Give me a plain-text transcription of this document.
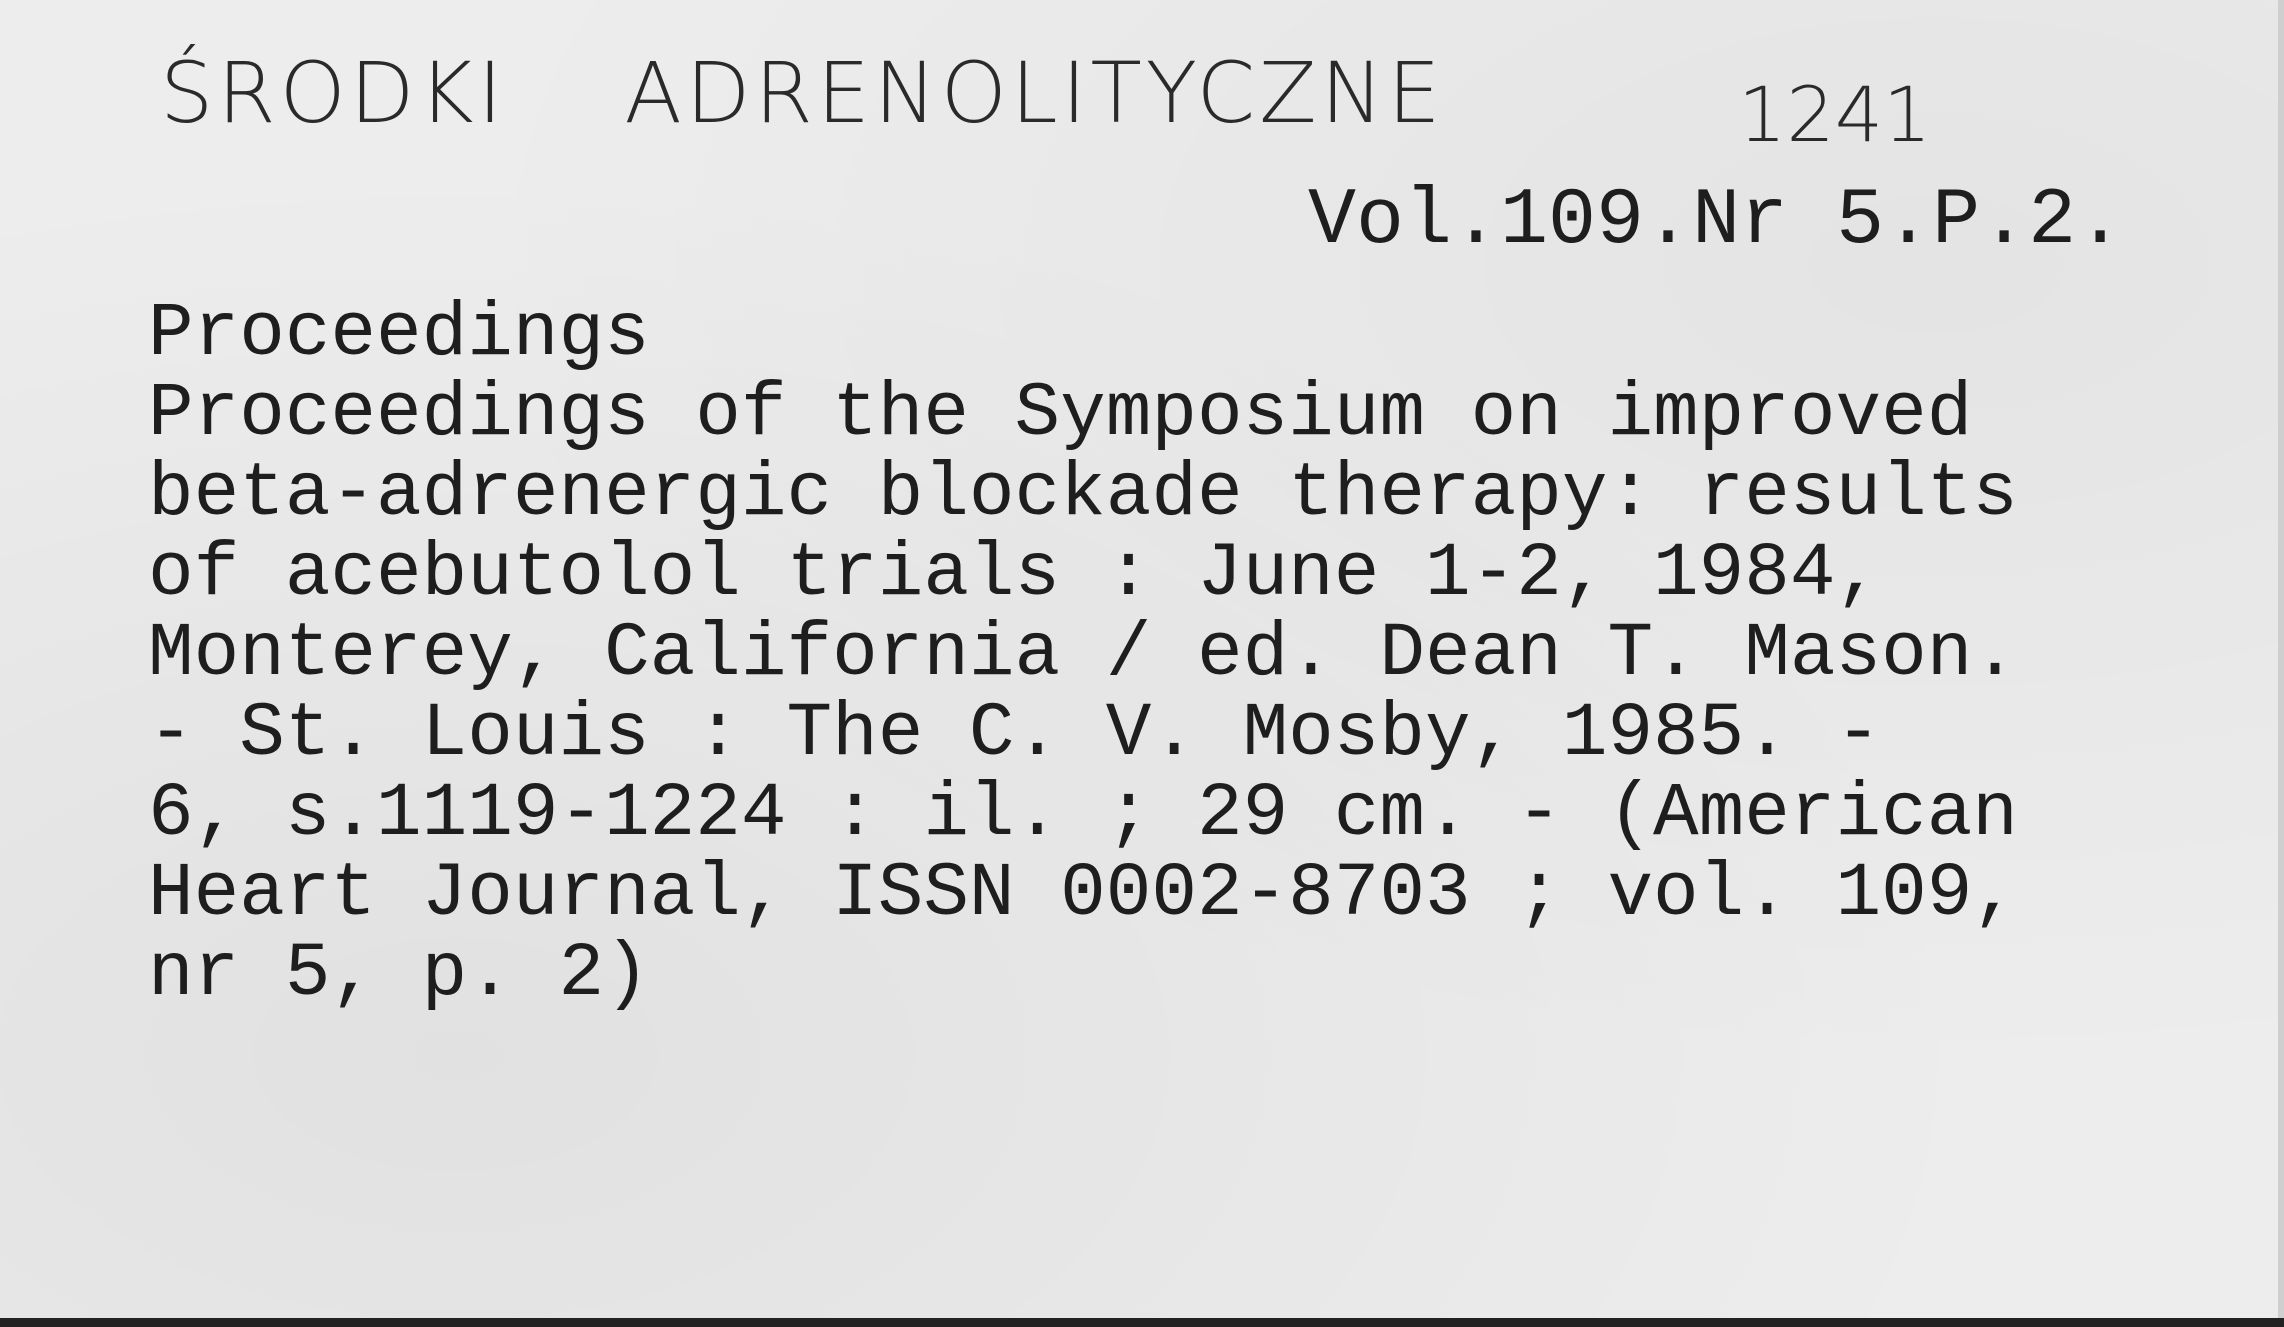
ŚRODKI ADRENOLITYCZNE	1241
Vol.109.Nr 5.P.2.
Proceedings
Proceedings of the Symposium on improved
beta-adrenergic blockade therapy: results
of acebutolol trials : June 1-2, 1984,
Monterey, California / ed. Dean T. Mason.
- St. Louis : The C. V. Mosby, 1985. -
6, s.1119-1224 : il. ; 29 cm. - (American
Heart Journal, ISSN 0002-8703 ; vol. 109,
nr 5, p. 2)
